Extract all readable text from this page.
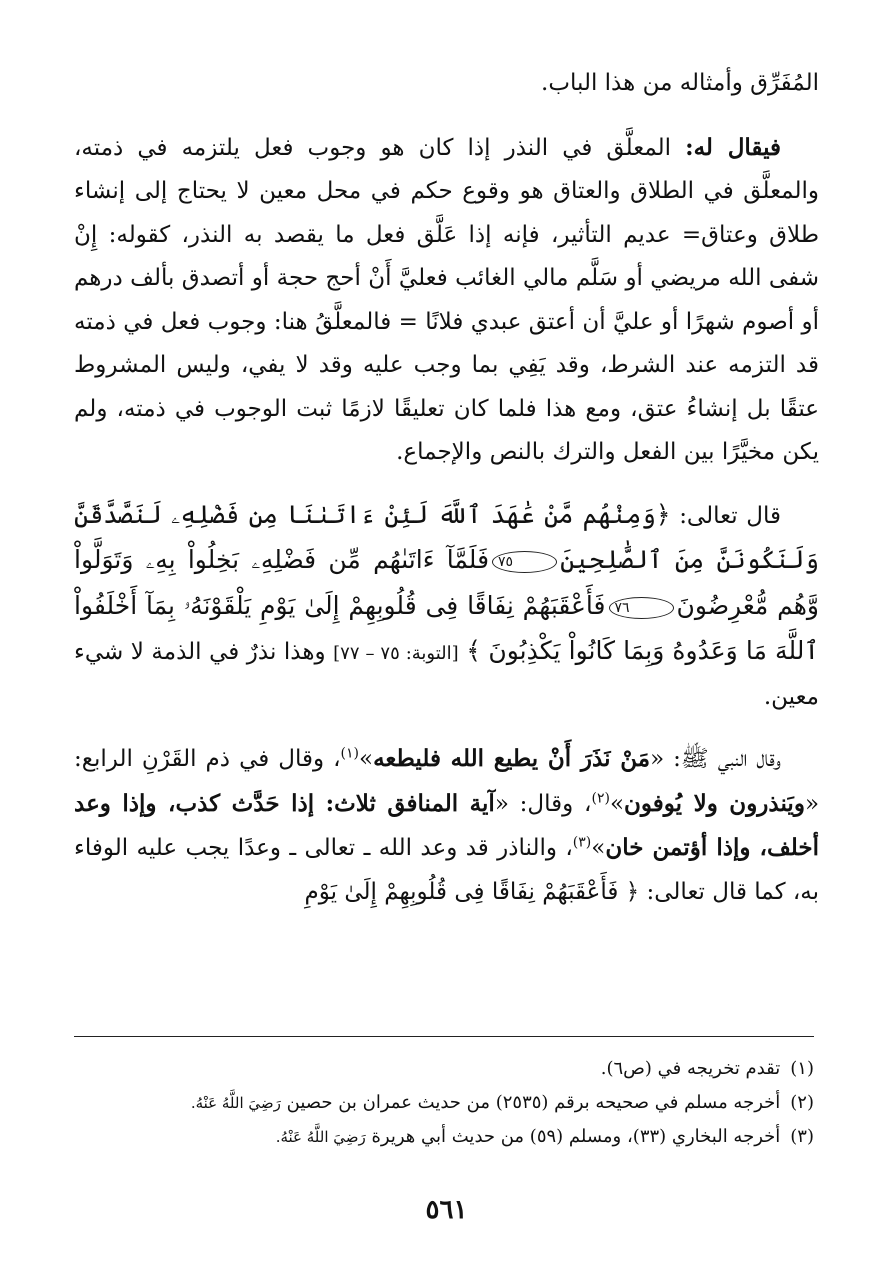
المُفَرِّق وأمثاله من هذا الباب.

فيقال له: المعلَّق في النذر إذا كان هو وجوب فعل يلتزمه في ذمته، والمعلَّق في الطلاق والعتاق هو وقوع حكم في محل معين لا يحتاج إلى إنشاء طلاق وعتاق= عديم التأثير، فإنه إذا عَلَّق فعل ما يقصد به النذر، كقوله: إِنْ شفى الله مريضي أو سَلَّم مالي الغائب فعليَّ أَنْ أحج حجة أو أتصدق بألف درهم أو أصوم شهرًا أو عليَّ أن أعتق عبدي فلانًا = فالمعلَّقُ هنا: وجوب فعل في ذمته قد التزمه عند الشرط، وقد يَفِي بما وجب عليه وقد لا يفي، وليس المشروط عتقًا بل إنشاءُ عتق، ومع هذا فلما كان تعليقًا لازمًا ثبت الوجوب في ذمته، ولم يكن مخيَّرًا بين الفعل والترك بالنص والإجماع.

قال تعالى: ﴿وَمِنْهُم مَّنْ عَٰهَدَ ٱللَّهَ لَئِنْ ءَاتَىٰنَا مِن فَضْلِهِۦ لَنَصَّدَّقَنَّ وَلَنَكُونَنَّ مِنَ ٱلصَّٰلِحِينَ٧٥فَلَمَّآ ءَاتَىٰهُم مِّن فَضْلِهِۦ بَخِلُواْ بِهِۦ وَتَوَلَّواْ وَّهُم مُّعْرِضُونَ٧٦فَأَعْقَبَهُمْ نِفَاقًا فِى قُلُوبِهِمْ إِلَىٰ يَوْمِ يَلْقَوْنَهُۥ بِمَآ أَخْلَفُواْ ٱللَّهَ مَا وَعَدُوهُ وَبِمَا كَانُواْ يَكْذِبُونَ ﴾ [التوبة: ٧٥ – ٧٧] وهذا نذرٌ في الذمة لا شيء معين.

وقال النبي ﷺ: «مَنْ نَذَرَ أَنْ يطيع الله فليطعه»$^{(١)}$، وقال في ذم القَرْنِ الرابع: «ويَنذرون ولا يُوفون»$^{(٢)}$، وقال: «آية المنافق ثلاث: إذا حَدَّث كذب، وإذا وعد أخلف، وإذا أؤتمن خان»$^{(٣)}$، والناذر قد وعد الله ـ تعالى ـ وعدًا يجب عليه الوفاء به، كما قال تعالى: ﴿ فَأَعْقَبَهُمْ نِفَاقًا فِى قُلُوبِهِمْ إِلَىٰ يَوْمِ

(١)تقدم تخريجه في (ص٦).

(٢)أخرجه مسلم في صحيحه برقم (٢٥٣٥) من حديث عمران بن حصين رَضِيَ اللَّهُ عَنْهُ.

(٣)أخرجه البخاري (٣٣)، ومسلم (٥٩) من حديث أبي هريرة رَضِيَ اللَّهُ عَنْهُ.

٥٦١
